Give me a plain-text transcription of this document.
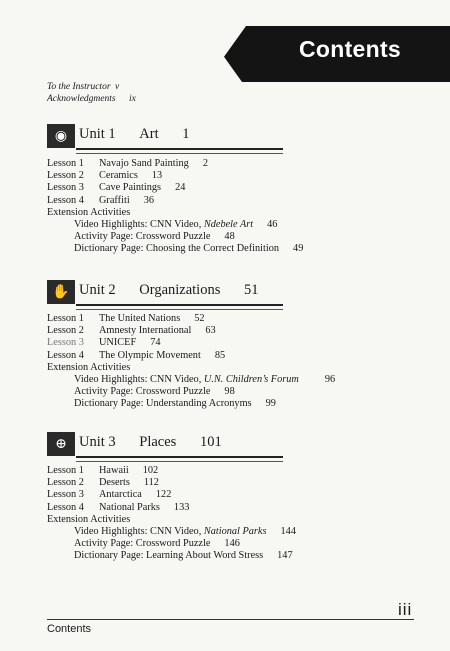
Contents
To the Instructor v
Acknowledgments ix
◉ Unit 1 Art 1
Lesson 1 Navajo Sand Painting 2
Lesson 2 Ceramics 13
Lesson 3 Cave Paintings 24
Lesson 4 Graffiti 36
Extension Activities
Video Highlights: CNN Video, Ndebele Art 46
Activity Page: Crossword Puzzle 48
Dictionary Page: Choosing the Correct Definition 49
✋ Unit 2 Organizations 51
Lesson 1 The United Nations 52
Lesson 2 Amnesty International 63
Lesson 3 UNICEF 74
Lesson 4 The Olympic Movement 85
Extension Activities
Video Highlights: CNN Video, U.N. Children’s Forum	96
Activity Page: Crossword Puzzle 98
Dictionary Page: Understanding Acronyms 99
⊕ Unit 3 Places 101
Lesson 1 Hawaii 102
Lesson 2 Deserts 112
Lesson 3 Antarctica 122
Lesson 4 National Parks 133
Extension Activities
Video Highlights: CNN Video, National Parks 144
Activity Page: Crossword Puzzle 146
Dictionary Page: Learning About Word Stress 147
iii
Contents
